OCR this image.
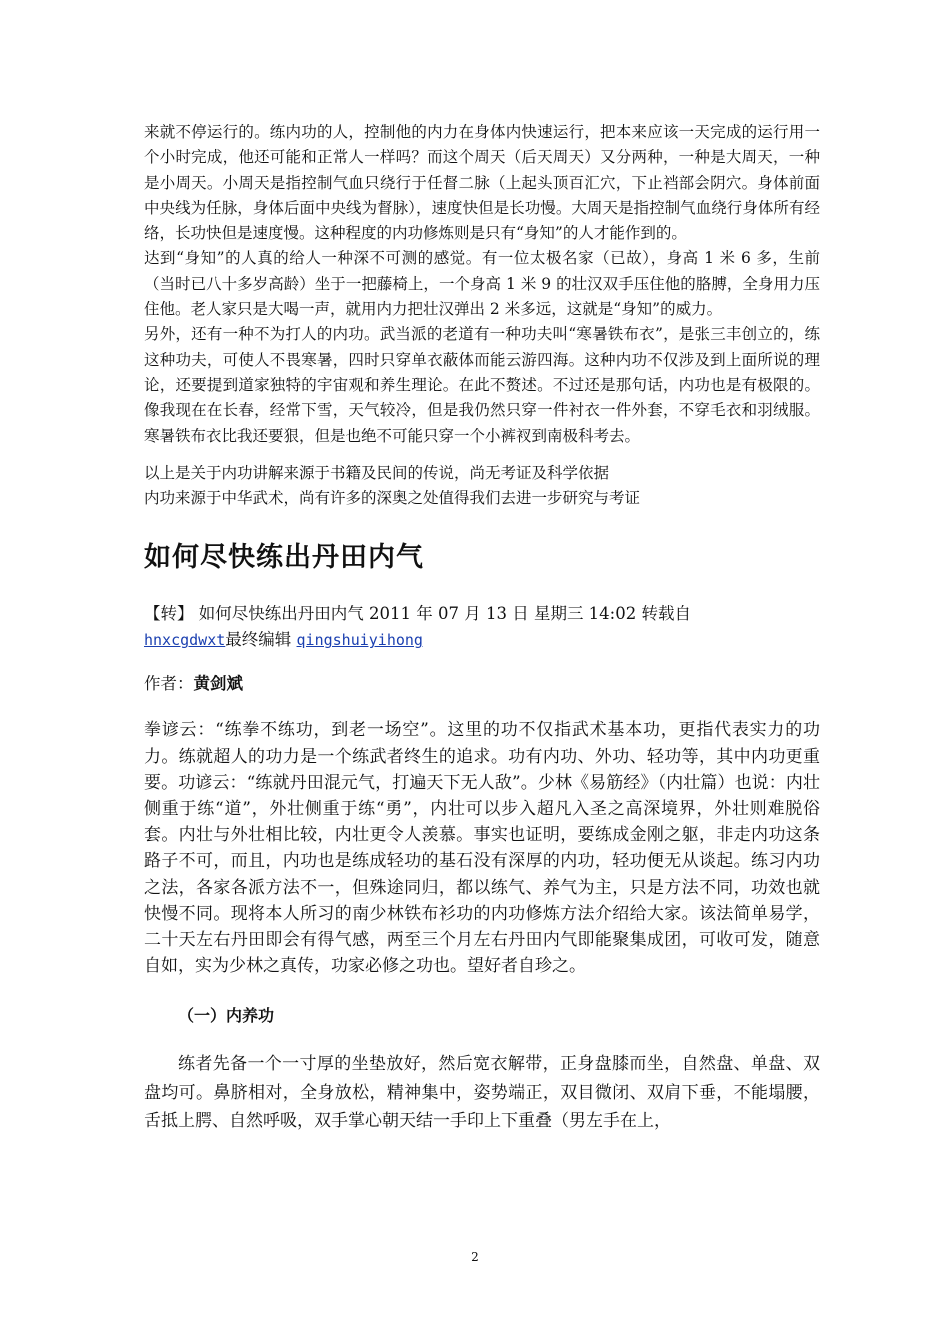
来就不停运行的。练内功的人，控制他的内力在身体内快速运行，把本来应该一天完成的运行用一个小时完成，他还可能和正常人一样吗？而这个周天（后天周天）又分两种，一种是大周天，一种是小周天。小周天是指控制气血只绕行于任督二脉（上起头顶百汇穴，下止裆部会阴穴。身体前面中央线为任脉，身体后面中央线为督脉），速度快但是长功慢。大周天是指控制气血绕行身体所有经络，长功快但是速度慢。这种程度的内功修炼则是只有“身知”的人才能作到的。

达到“身知”的人真的给人一种深不可测的感觉。有一位太极名家（已故），身高 1 米 6 多，生前（当时已八十多岁高龄）坐于一把藤椅上，一个身高 1 米 9 的壮汉双手压住他的胳膊，全身用力压住他。老人家只是大喝一声，就用内力把壮汉弹出 2 米多远，这就是“身知”的威力。

另外，还有一种不为打人的内功。武当派的老道有一种功夫叫“寒暑铁布衣”，是张三丰创立的，练这种功夫，可使人不畏寒暑，四时只穿单衣蔽体而能云游四海。这种内功不仅涉及到上面所说的理论，还要提到道家独特的宇宙观和养生理论。在此不赘述。不过还是那句话，内功也是有极限的。像我现在在长春，经常下雪，天气较冷，但是我仍然只穿一件衬衣一件外套，不穿毛衣和羽绒服。寒暑铁布衣比我还要狠，但是也绝不可能只穿一个小裤衩到南极科考去。

以上是关于内功讲解来源于书籍及民间的传说，尚无考证及科学依据

内功来源于中华武术，尚有许多的深奥之处值得我们去进一步研究与考证

如何尽快练出丹田内气

【转】 如何尽快练出丹田内气 2011 年 07 月 13 日 星期三 14:02 转载自
hnxcgdwxt最终编辑 qingshuiyihong

作者：黄剑斌

拳谚云：“练拳不练功，到老一场空”。这里的功不仅指武术基本功，更指代表实力的功力。练就超人的功力是一个练武者终生的追求。功有内功、外功、轻功等，其中内功更重要。功谚云：“练就丹田混元气，打遍天下无人敌”。少林《易筋经》（内壮篇）也说：内壮侧重于练“道”，外壮侧重于练“勇”，内壮可以步入超凡入圣之高深境界，外壮则难脱俗套。内壮与外壮相比较，内壮更令人羡慕。事实也证明，要练成金刚之躯，非走内功这条路子不可，而且，内功也是练成轻功的基石没有深厚的内功，轻功便无从谈起。练习内功之法，各家各派方法不一，但殊途同归，都以练气、养气为主，只是方法不同，功效也就快慢不同。现将本人所习的南少林铁布衫功的内功修炼方法介绍给大家。该法简单易学，二十天左右丹田即会有得气感，两至三个月左右丹田内气即能聚集成团，可收可发，随意自如，实为少林之真传，功家必修之功也。望好者自珍之。

（一）内养功

练者先备一个一寸厚的坐垫放好，然后宽衣解带，正身盘膝而坐，自然盘、单盘、双盘均可。鼻脐相对，全身放松，精神集中，姿势端正，双目微闭、双肩下垂，不能塌腰，舌抵上腭、自然呼吸，双手掌心朝天结一手印上下重叠（男左手在上，

2
